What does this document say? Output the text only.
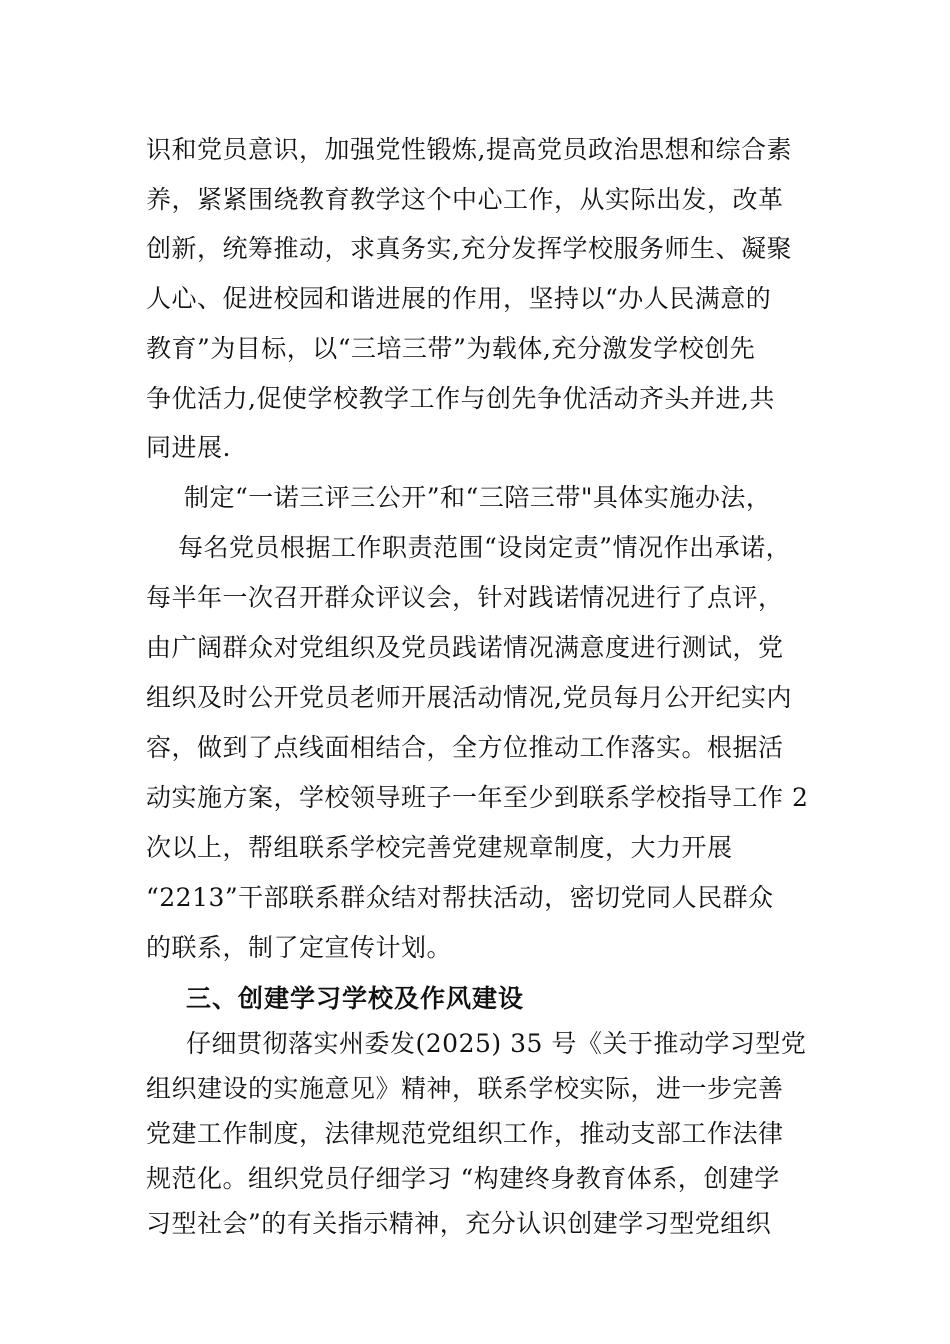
识和党员意识，加强党性锻炼,提高党员政治思想和综合素
养，紧紧围绕教育教学这个中心工作，从实际出发，改革
创新，统筹推动，求真务实,充分发挥学校服务师生、凝聚
人心、促进校园和谐进展的作用，坚持以“办人民满意的
教育”为目标，以“三培三带”为载体,充分激发学校创先
争优活力,促使学校教学工作与创先争优活动齐头并进,共
同进展.
制定“一诺三评三公开”和“三陪三带"具体实施办法，
每名党员根据工作职责范围“设岗定责”情况作出承诺，
每半年一次召开群众评议会，针对践诺情况进行了点评，
由广阔群众对党组织及党员践诺情况满意度进行测试，党
组织及时公开党员老师开展活动情况,党员每月公开纪实内
容，做到了点线面相结合，全方位推动工作落实。根据活
动实施方案，学校领导班子一年至少到联系学校指导工作 2
次以上，帮组联系学校完善党建规章制度，大力开展
“2213”干部联系群众结对帮扶活动，密切党同人民群众
的联系，制了定宣传计划。
三、创建学习学校及作风建设
仔细贯彻落实州委发(2025) 35 号《关于推动学习型党
组织建设的实施意见》精神，联系学校实际，进一步完善
党建工作制度，法律规范党组织工作，推动支部工作法律
规范化。组织党员仔细学习 “构建终身教育体系，创建学
习型社会”的有关指示精神，充分认识创建学习型党组织
